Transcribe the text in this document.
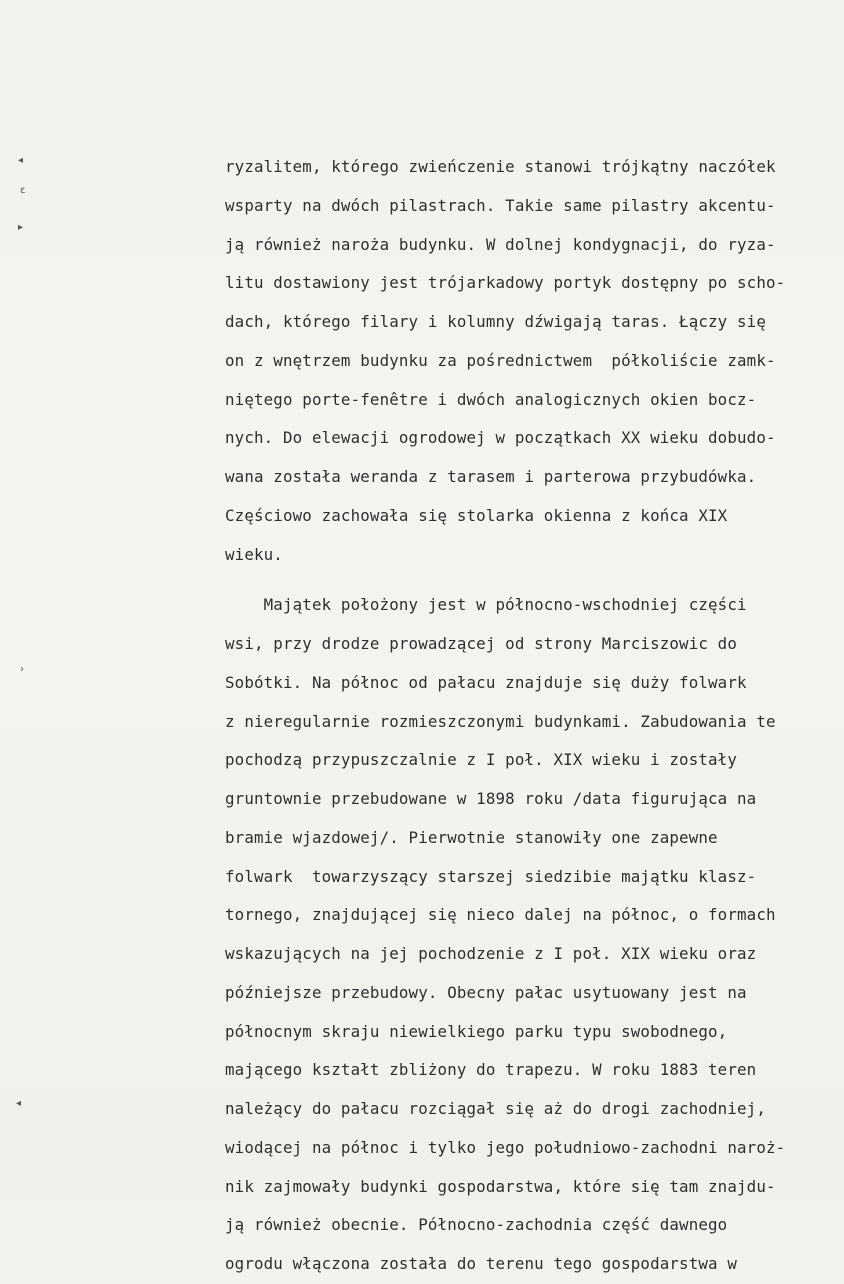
◂
ɛ
▸
›
◂
ryzalitem, którego zwieńczenie stanowi trójkątny naczółek
wsparty na dwóch pilastrach. Takie same pilastry akcentu-
ją również naroża budynku. W dolnej kondygnacji, do ryza-
litu dostawiony jest trójarkadowy portyk dostępny po scho-
dach, którego filary i kolumny dźwigają taras. Łączy się
on z wnętrzem budynku za pośrednictwem  półkoliście zamk-
niętego porte-fenêtre i dwóch analogicznych okien bocz-
nych. Do elewacji ogrodowej w początkach XX wieku dobudo-
wana została weranda z tarasem i parterowa przybudówka.
Częściowo zachowała się stolarka okienna z końca XIX
wieku.
Majątek położony jest w północno-wschodniej części
wsi, przy drodze prowadzącej od strony Marciszowic do
Sobótki. Na północ od pałacu znajduje się duży folwark
z nieregularnie rozmieszczonymi budynkami. Zabudowania te
pochodzą przypuszczalnie z I poł. XIX wieku i zostały
gruntownie przebudowane w 1898 roku /data figurująca na
bramie wjazdowej/. Pierwotnie stanowiły one zapewne
folwark  towarzyszący starszej siedzibie majątku klasz-
tornego, znajdującej się nieco dalej na północ, o formach
wskazujących na jej pochodzenie z I poł. XIX wieku oraz
późniejsze przebudowy. Obecny pałac usytuowany jest na
północnym skraju niewielkiego parku typu swobodnego,
mającego kształt zbliżony do trapezu. W roku 1883 teren
należący do pałacu rozciągał się aż do drogi zachodniej,
wiodącej na północ i tylko jego południowo-zachodni naroż-
nik zajmowały budynki gospodarstwa, które się tam znajdu-
ją również obecnie. Północno-zachodnia część dawnego
ogrodu włączona została do terenu tego gospodarstwa w
